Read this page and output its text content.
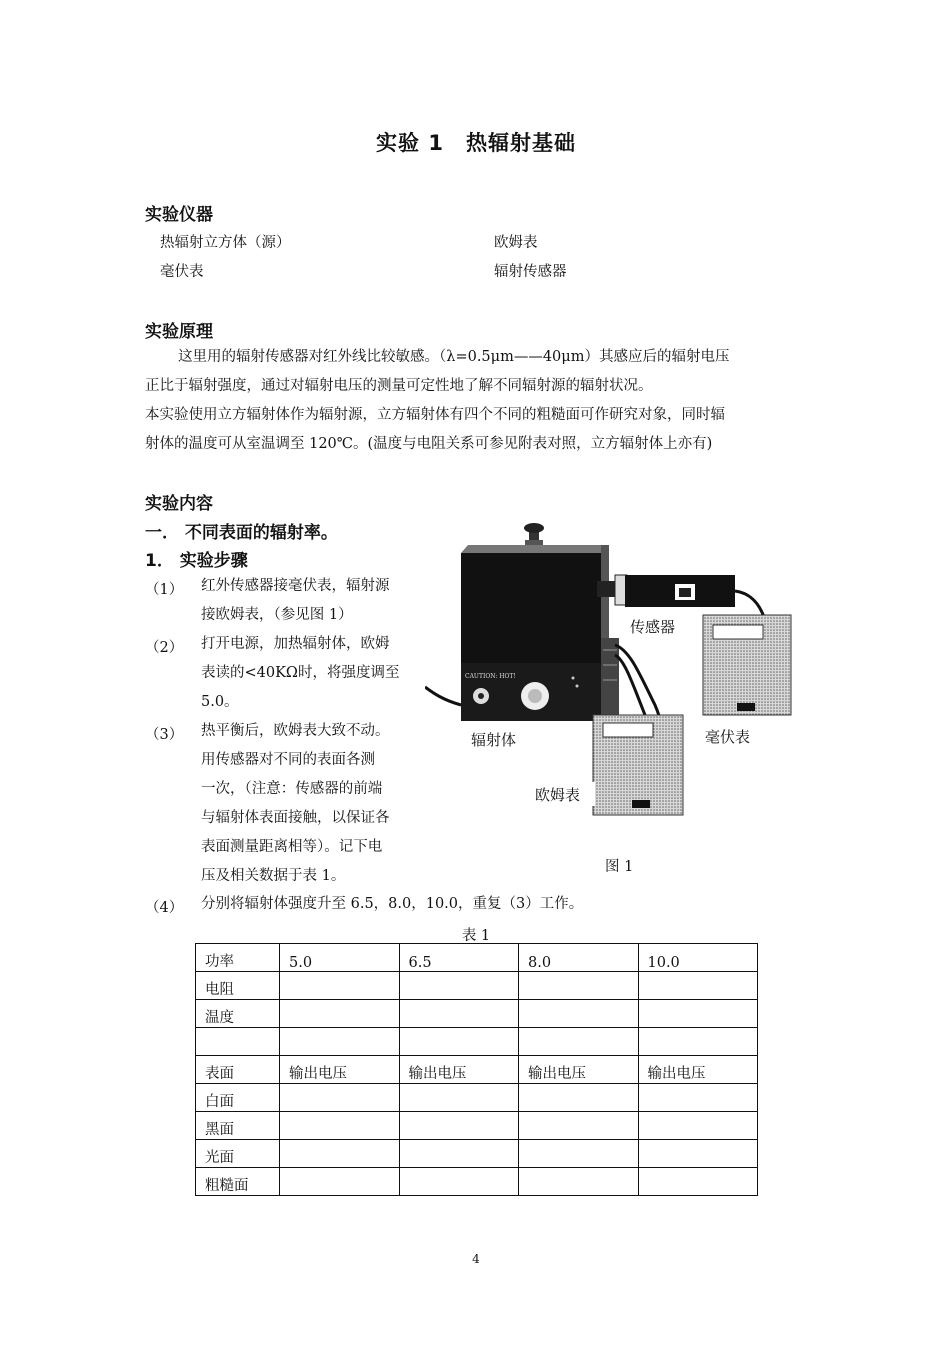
实验 1　热辐射基础
实验仪器
热辐射立方体（源）	欧姆表
毫伏表	辐射传感器
实验原理
这里用的辐射传感器对红外线比较敏感。（λ=0.5μm——40μm）其感应后的辐射电压
正比于辐射强度，通过对辐射电压的测量可定性地了解不同辐射源的辐射状况。
本实验使用立方辐射体作为辐射源，立方辐射体有四个不同的粗糙面可作研究对象，同时辐
射体的温度可从室温调至 120℃。(温度与电阻关系可参见附表对照，立方辐射体上亦有)
实验内容
一． 不同表面的辐射率。
1． 实验步骤
（1） 红外传感器接毫伏表，辐射源
接欧姆表，（参见图 1）
（2） 打开电源，加热辐射体，欧姆
表读的<40KΩ时，将强度调至
5.0。
（3） 热平衡后，欧姆表大致不动。
用传感器对不同的表面各测
一次，（注意：传感器的前端
与辐射体表面接触，以保证各
表面测量距离相等）。记下电
压及相关数据于表 1。
（4） 分别将辐射体强度升至 6.5，8.0，10.0，重复（3）工作。
CAUTION: HOT!
传感器
毫伏表
辐射体
欧姆表
图 1
表 1
功率	5.0	6.5	8.0	10.0
电阻				
温度				

表面	输出电压	输出电压	输出电压	输出电压
白面				
黑面				
光面				
粗糙面				
4
